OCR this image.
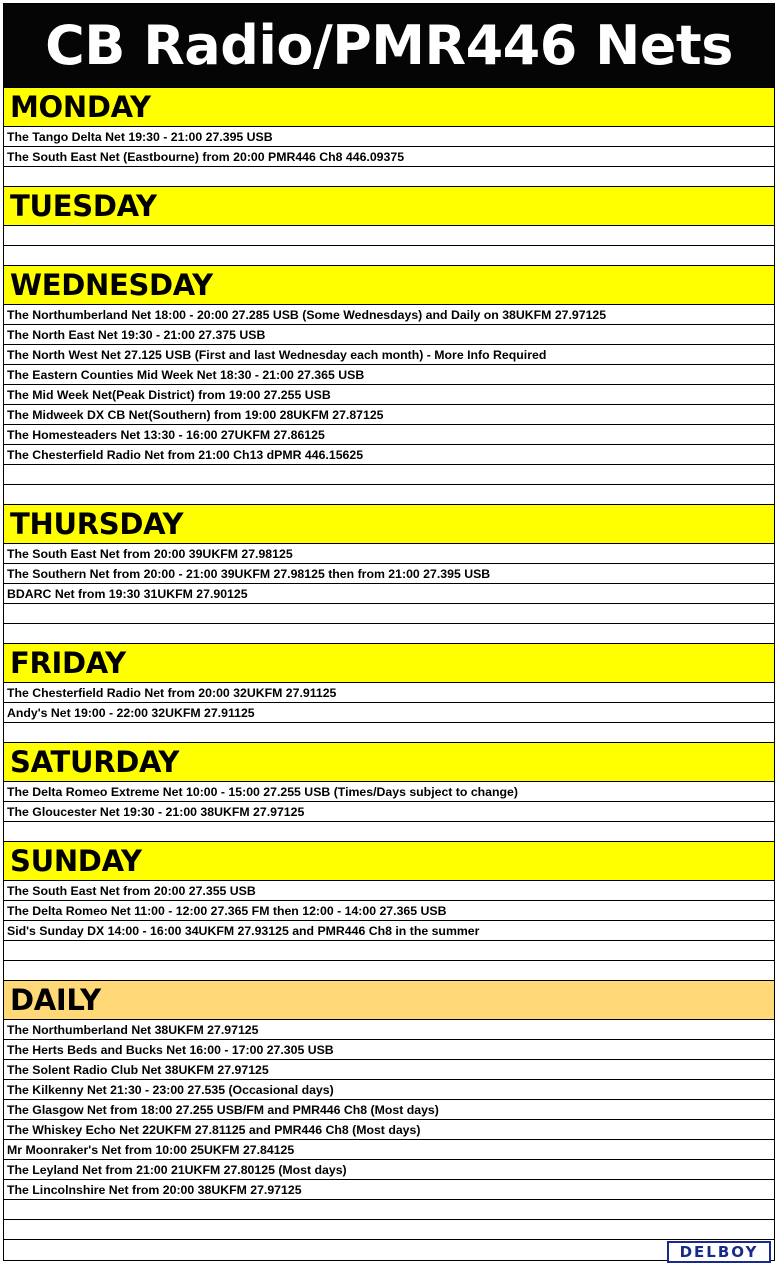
CB Radio/PMR446 Nets
MONDAY
The Tango Delta Net 19:30 - 21:00 27.395 USB
The South East Net (Eastbourne) from 20:00 PMR446 Ch8 446.09375
TUESDAY
WEDNESDAY
The Northumberland Net 18:00 - 20:00 27.285 USB (Some Wednesdays) and Daily on 38UKFM 27.97125
The North East Net 19:30 - 21:00 27.375 USB
The North West Net 27.125 USB (First and last Wednesday each month) - More Info Required
The Eastern Counties Mid Week Net 18:30 - 21:00 27.365 USB
The Mid Week Net(Peak District) from 19:00 27.255 USB
The Midweek DX CB Net(Southern) from 19:00 28UKFM 27.87125
The Homesteaders Net 13:30 - 16:00 27UKFM 27.86125
The Chesterfield Radio Net from 21:00 Ch13 dPMR 446.15625
THURSDAY
The South East Net from 20:00 39UKFM 27.98125
The Southern Net from 20:00 - 21:00 39UKFM 27.98125 then from 21:00 27.395 USB
BDARC Net from 19:30 31UKFM 27.90125
FRIDAY
The Chesterfield Radio Net from 20:00 32UKFM 27.91125
Andy's Net 19:00 - 22:00 32UKFM 27.91125
SATURDAY
The Delta Romeo Extreme Net 10:00 - 15:00 27.255 USB (Times/Days subject to change)
The Gloucester Net 19:30 - 21:00 38UKFM 27.97125
SUNDAY
The South East Net from 20:00 27.355 USB
The Delta Romeo Net 11:00 - 12:00 27.365 FM then 12:00 - 14:00 27.365 USB
Sid's Sunday DX 14:00 - 16:00 34UKFM 27.93125 and PMR446 Ch8 in the summer
DAILY
The Northumberland Net 38UKFM 27.97125
The Herts Beds and Bucks Net 16:00 - 17:00 27.305 USB
The Solent Radio Club Net 38UKFM 27.97125
The Kilkenny Net 21:30 - 23:00 27.535 (Occasional days)
The Glasgow Net from 18:00 27.255 USB/FM and PMR446 Ch8 (Most days)
The Whiskey Echo Net 22UKFM 27.81125 and PMR446 Ch8 (Most days)
Mr Moonraker's Net from 10:00 25UKFM 27.84125
The Leyland Net from 21:00 21UKFM 27.80125 (Most days)
The Lincolnshire Net from 20:00 38UKFM 27.97125
DELBOY
